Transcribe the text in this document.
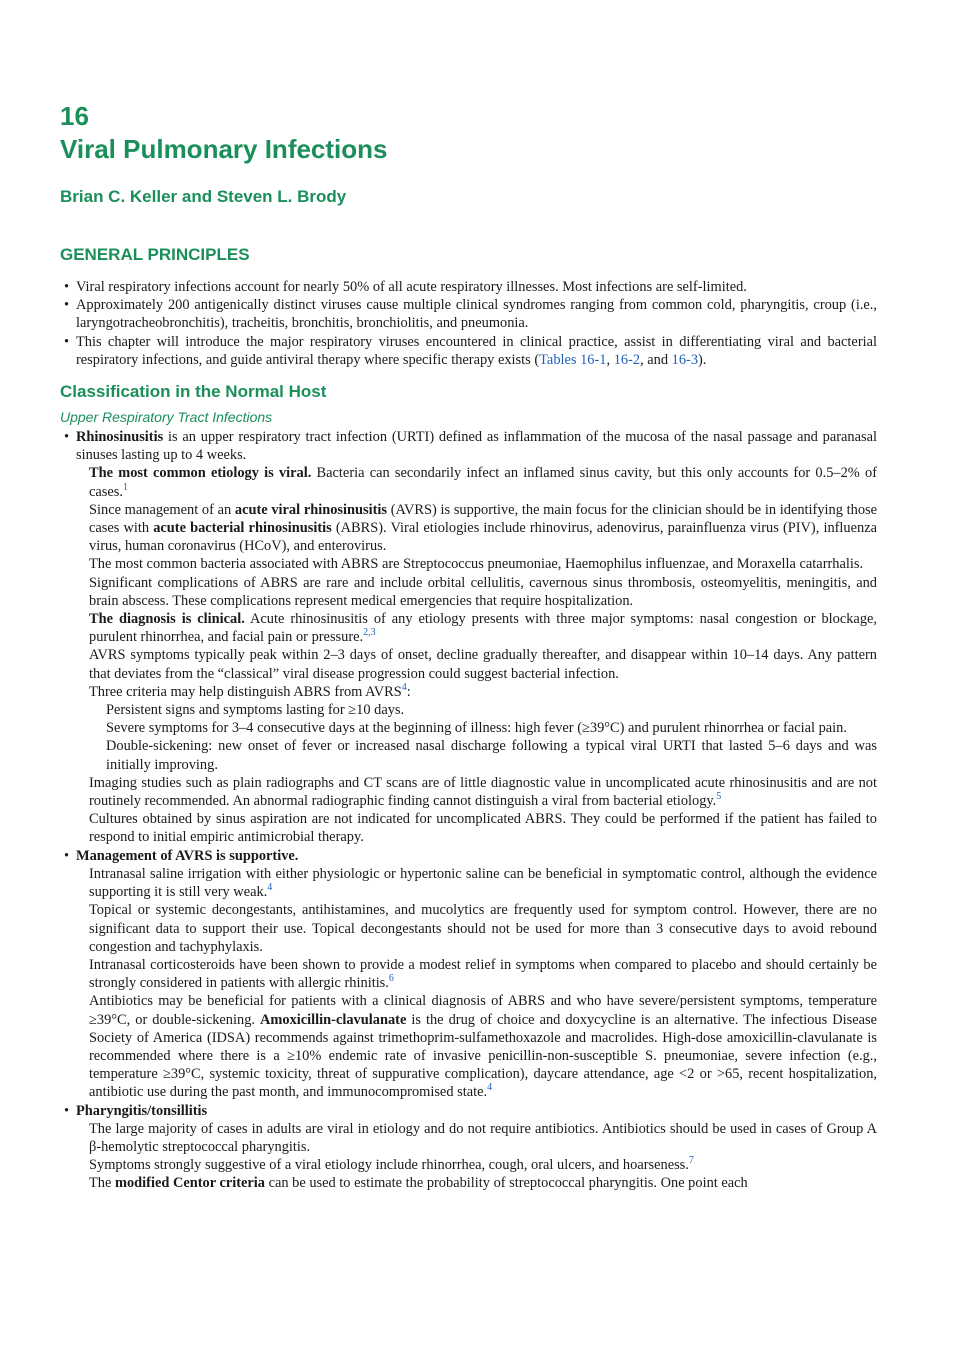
16
Viral Pulmonary Infections
Brian C. Keller and Steven L. Brody
GENERAL PRINCIPLES
• Viral respiratory infections account for nearly 50% of all acute respiratory illnesses. Most infections are self-limited.
• Approximately 200 antigenically distinct viruses cause multiple clinical syndromes ranging from common cold, pharyngitis, croup (i.e., laryngotracheobronchitis), tracheitis, bronchitis, bronchiolitis, and pneumonia.
• This chapter will introduce the major respiratory viruses encountered in clinical practice, assist in differentiating viral and bacterial respiratory infections, and guide antiviral therapy where specific therapy exists (Tables 16-1, 16-2, and 16-3).
Classification in the Normal Host
Upper Respiratory Tract Infections
• Rhinosinusitis is an upper respiratory tract infection (URTI) defined as inflammation of the mucosa of the nasal passage and paranasal sinuses lasting up to 4 weeks.
The most common etiology is viral. Bacteria can secondarily infect an inflamed sinus cavity, but this only accounts for 0.5–2% of cases.$^1$
Since management of an acute viral rhinosinusitis (AVRS) is supportive, the main focus for the clinician should be in identifying those cases with acute bacterial rhinosinusitis (ABRS). Viral etiologies include rhinovirus, adenovirus, parainfluenza virus (PIV), influenza virus, human coronavirus (HCoV), and enterovirus.
The most common bacteria associated with ABRS are Streptococcus pneumoniae, Haemophilus influenzae, and Moraxella catarrhalis.
Significant complications of ABRS are rare and include orbital cellulitis, cavernous sinus thrombosis, osteomyelitis, meningitis, and brain abscess. These complications represent medical emergencies that require hospitalization.
The diagnosis is clinical. Acute rhinosinusitis of any etiology presents with three major symptoms: nasal congestion or blockage, purulent rhinorrhea, and facial pain or pressure.$^{2,3}$
AVRS symptoms typically peak within 2–3 days of onset, decline gradually thereafter, and disappear within 10–14 days. Any pattern that deviates from the “classical” viral disease progression could suggest bacterial infection.
Three criteria may help distinguish ABRS from AVRS$^4$:
Persistent signs and symptoms lasting for ≥10 days.
Severe symptoms for 3–4 consecutive days at the beginning of illness: high fever (≥39°C) and purulent rhinorrhea or facial pain.
Double-sickening: new onset of fever or increased nasal discharge following a typical viral URTI that lasted 5–6 days and was initially improving.
Imaging studies such as plain radiographs and CT scans are of little diagnostic value in uncomplicated acute rhinosinusitis and are not routinely recommended. An abnormal radiographic finding cannot distinguish a viral from bacterial etiology.$^5$
Cultures obtained by sinus aspiration are not indicated for uncomplicated ABRS. They could be performed if the patient has failed to respond to initial empiric antimicrobial therapy.
• Management of AVRS is supportive.
Intranasal saline irrigation with either physiologic or hypertonic saline can be beneficial in symptomatic control, although the evidence supporting it is still very weak.$^4$
Topical or systemic decongestants, antihistamines, and mucolytics are frequently used for symptom control. However, there are no significant data to support their use. Topical decongestants should not be used for more than 3 consecutive days to avoid rebound congestion and tachyphylaxis.
Intranasal corticosteroids have been shown to provide a modest relief in symptoms when compared to placebo and should certainly be strongly considered in patients with allergic rhinitis.$^6$
Antibiotics may be beneficial for patients with a clinical diagnosis of ABRS and who have severe/persistent symptoms, temperature ≥39°C, or double-sickening. Amoxicillin-clavulanate is the drug of choice and doxycycline is an alternative. The infectious Disease Society of America (IDSA) recommends against trimethoprim-sulfamethoxazole and macrolides. High-dose amoxicillin-clavulanate is recommended where there is a ≥10% endemic rate of invasive penicillin-non-susceptible S. pneumoniae, severe infection (e.g., temperature ≥39°C, systemic toxicity, threat of suppurative complication), daycare attendance, age <2 or >65, recent hospitalization, antibiotic use during the past month, and immunocompromised state.$^4$
• Pharyngitis/tonsillitis
The large majority of cases in adults are viral in etiology and do not require antibiotics. Antibiotics should be used in cases of Group A β-hemolytic streptococcal pharyngitis.
Symptoms strongly suggestive of a viral etiology include rhinorrhea, cough, oral ulcers, and hoarseness.$^7$
The modified Centor criteria can be used to estimate the probability of streptococcal pharyngitis. One point each
